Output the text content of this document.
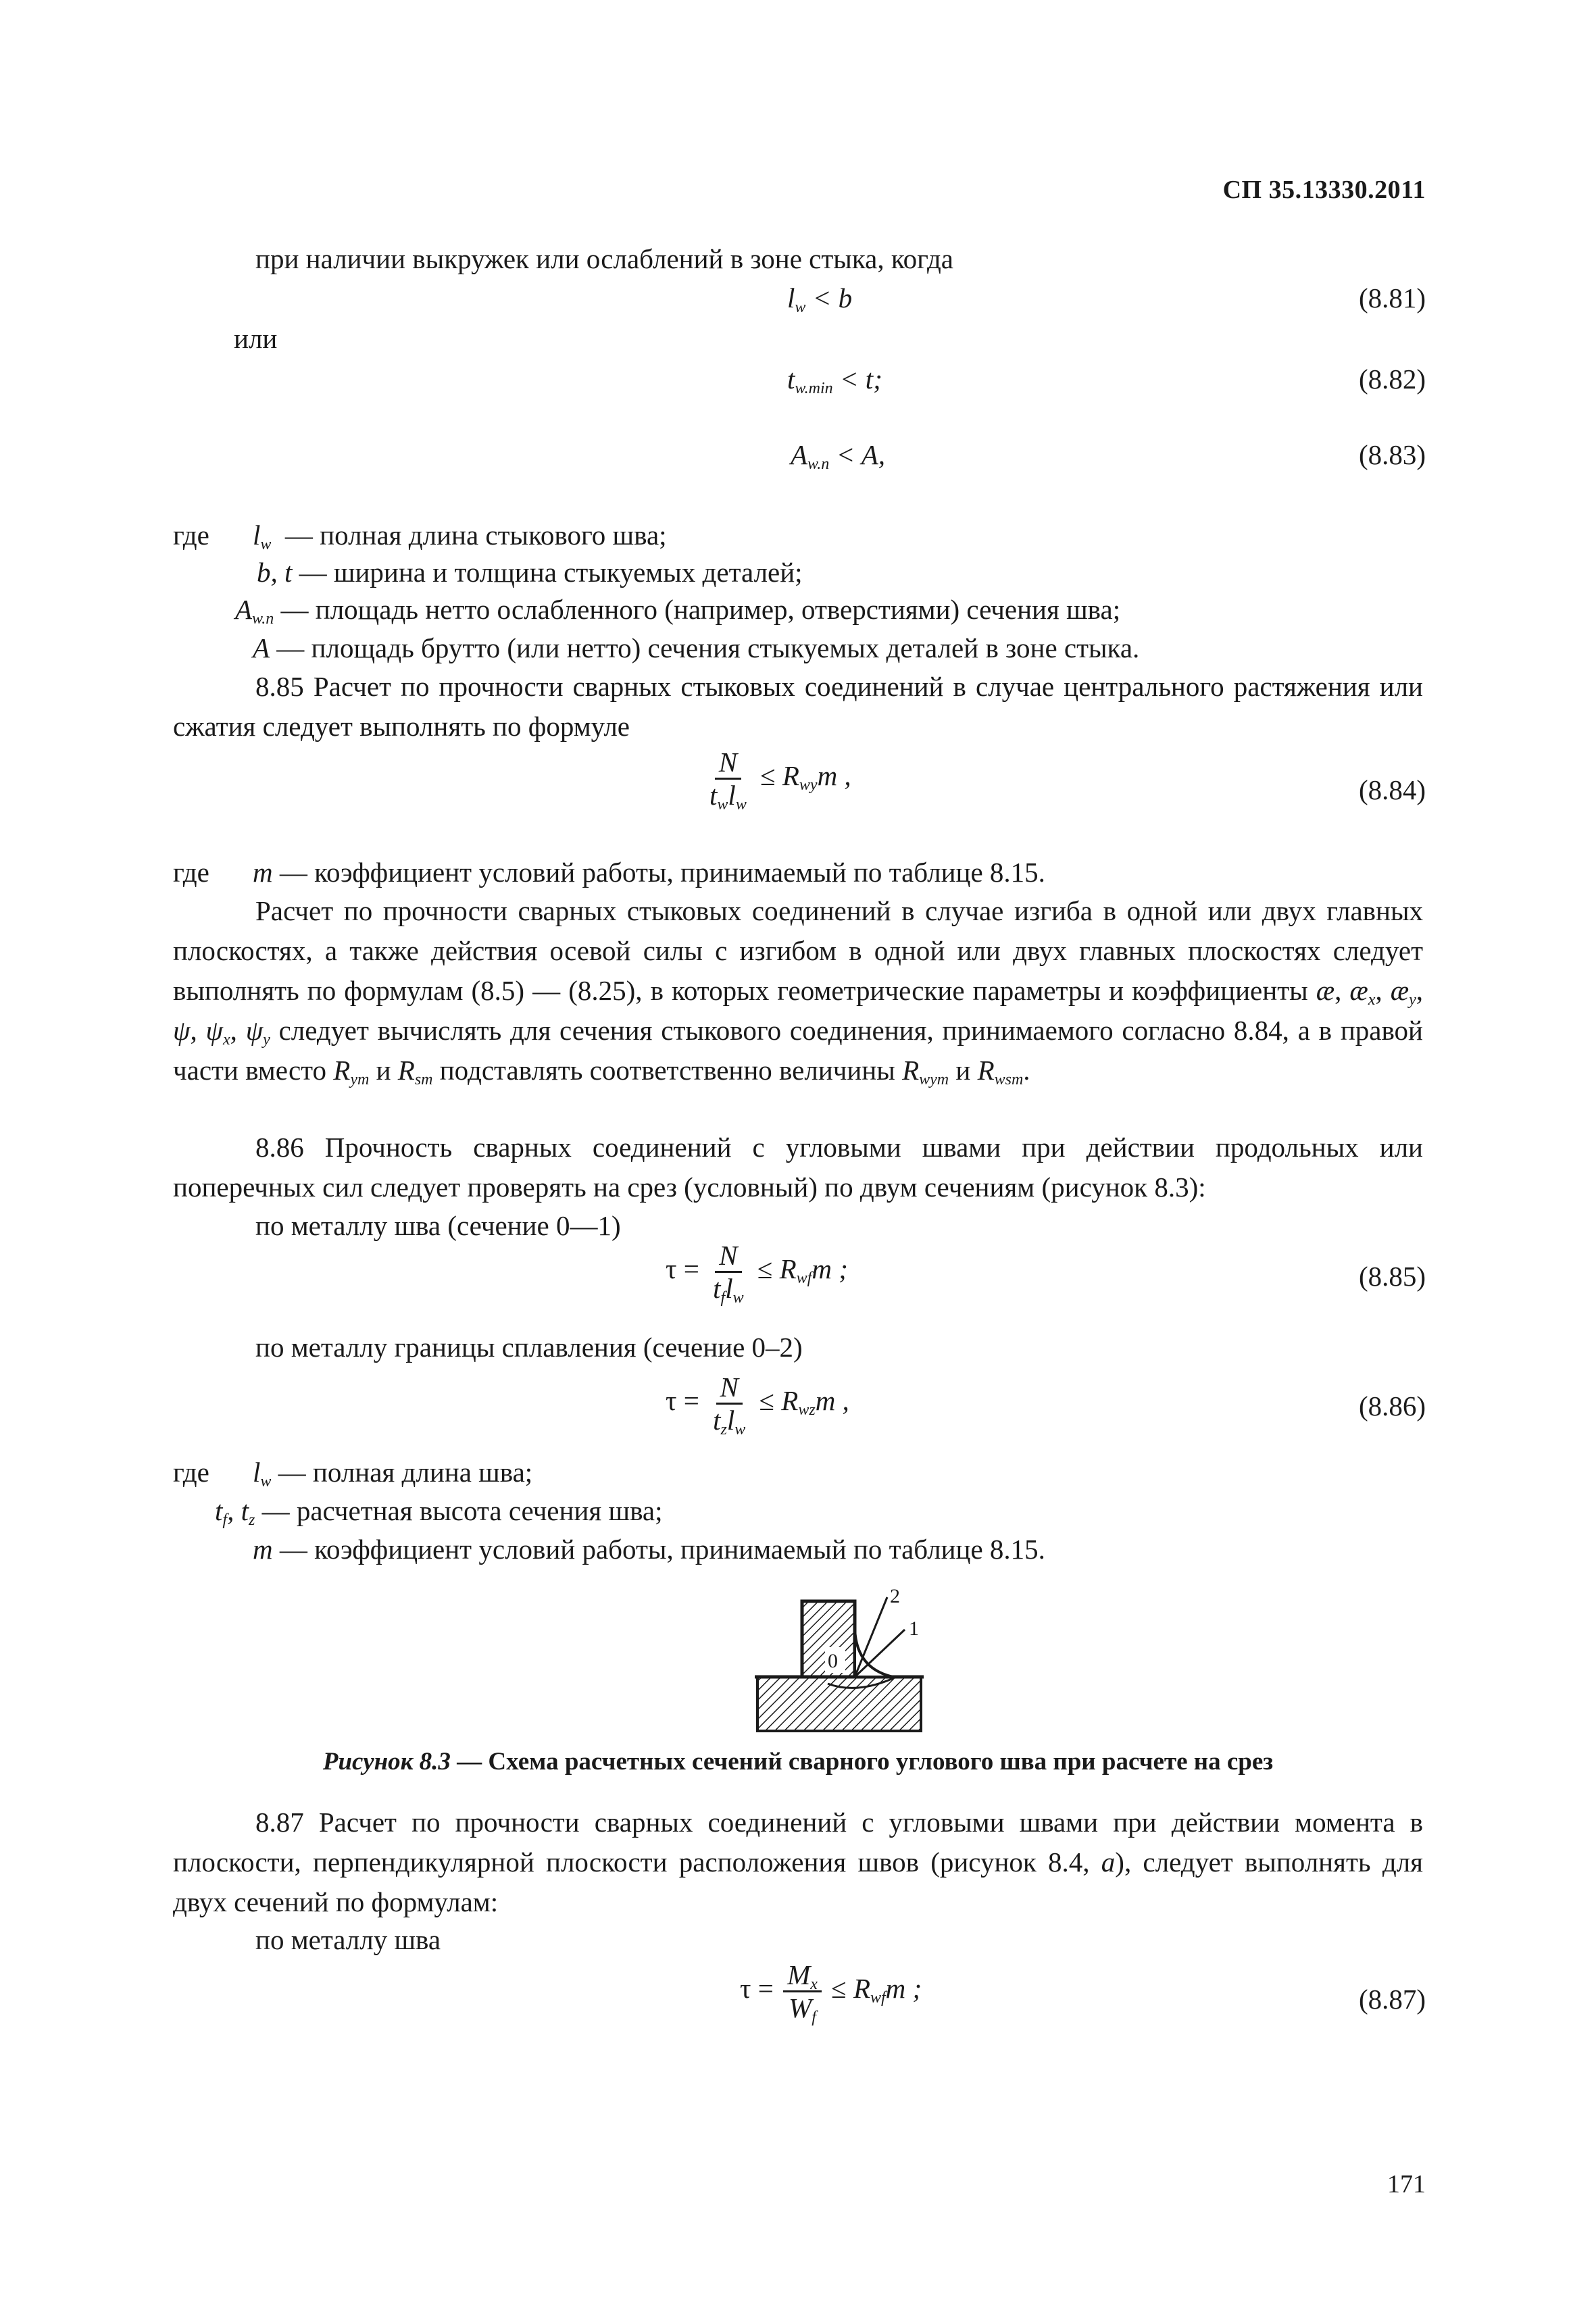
СП 35.13330.2011
при наличии выкружек или ослаблений в зоне стыка, когда
$l_w < b$	(8.81)
или
$t_{w.min} < t$;	(8.82)
$A_{w.n} < A$,	(8.83)
где $l_w$ — полная длина стыкового шва;
b, t — ширина и толщина стыкуемых деталей;
$A_{w.n}$ — площадь нетто ослабленного (например, отверстиями) сечения шва;
A — площадь брутто (или нетто) сечения стыкуемых деталей в зоне стыка.
8.85 Расчет по прочности сварных стыковых соединений в случае центрального растяжения или сжатия следует выполнять по формуле
$\frac{N}{t_wl_w} \le R_{wy}m$ ,	(8.84)
где m — коэффициент условий работы, принимаемый по таблице 8.15.
Расчет по прочности сварных стыковых соединений в случае изгиба в одной или двух главных плоскостях, а также действия осевой силы с изгибом в одной или двух главных плоскостях следует выполнять по формулам (8.5) — (8.25), в которых геометрические параметры и коэффициенты ӕ, $ӕ_x$, $ӕ_y$, ψ, $\psi_x$, $\psi_y$ следует вычислять для сечения стыкового соединения, принимаемого согласно 8.84, а в правой части вместо $R_{ym}$ и $R_{sm}$ подставлять соответственно величины $R_{wym}$ и $R_{wsm}$.
8.86 Прочность сварных соединений с угловыми швами при действии продольных или поперечных сил следует проверять на срез (условный) по двум сечениям (рисунок 8.3):
по металлу шва (сечение 0—1)
$\tau = \frac{N}{t_fl_w} \le R_{wf}m$ ;	(8.85)
по металлу границы сплавления (сечение 0–2)
$\tau = \frac{N}{t_zl_w} \le R_{wz}m$ ,	(8.86)
где $l_w$ — полная длина шва;
$t_f$, $t_z$ — расчетная высота сечения шва;
m — коэффициент условий работы, принимаемый по таблице 8.15.
0
2
1
Рисунок 8.3 — Схема расчетных сечений сварного углового шва при расчете на срез
8.87 Расчет по прочности сварных соединений с угловыми швами при действии момента в плоскости, перпендикулярной плоскости расположения швов (рисунок 8.4, а), следует выполнять для двух сечений по формулам:
по металлу шва
$\tau = \frac{M_x}{W_f} \le R_{wf}m$ ;	(8.87)
171
